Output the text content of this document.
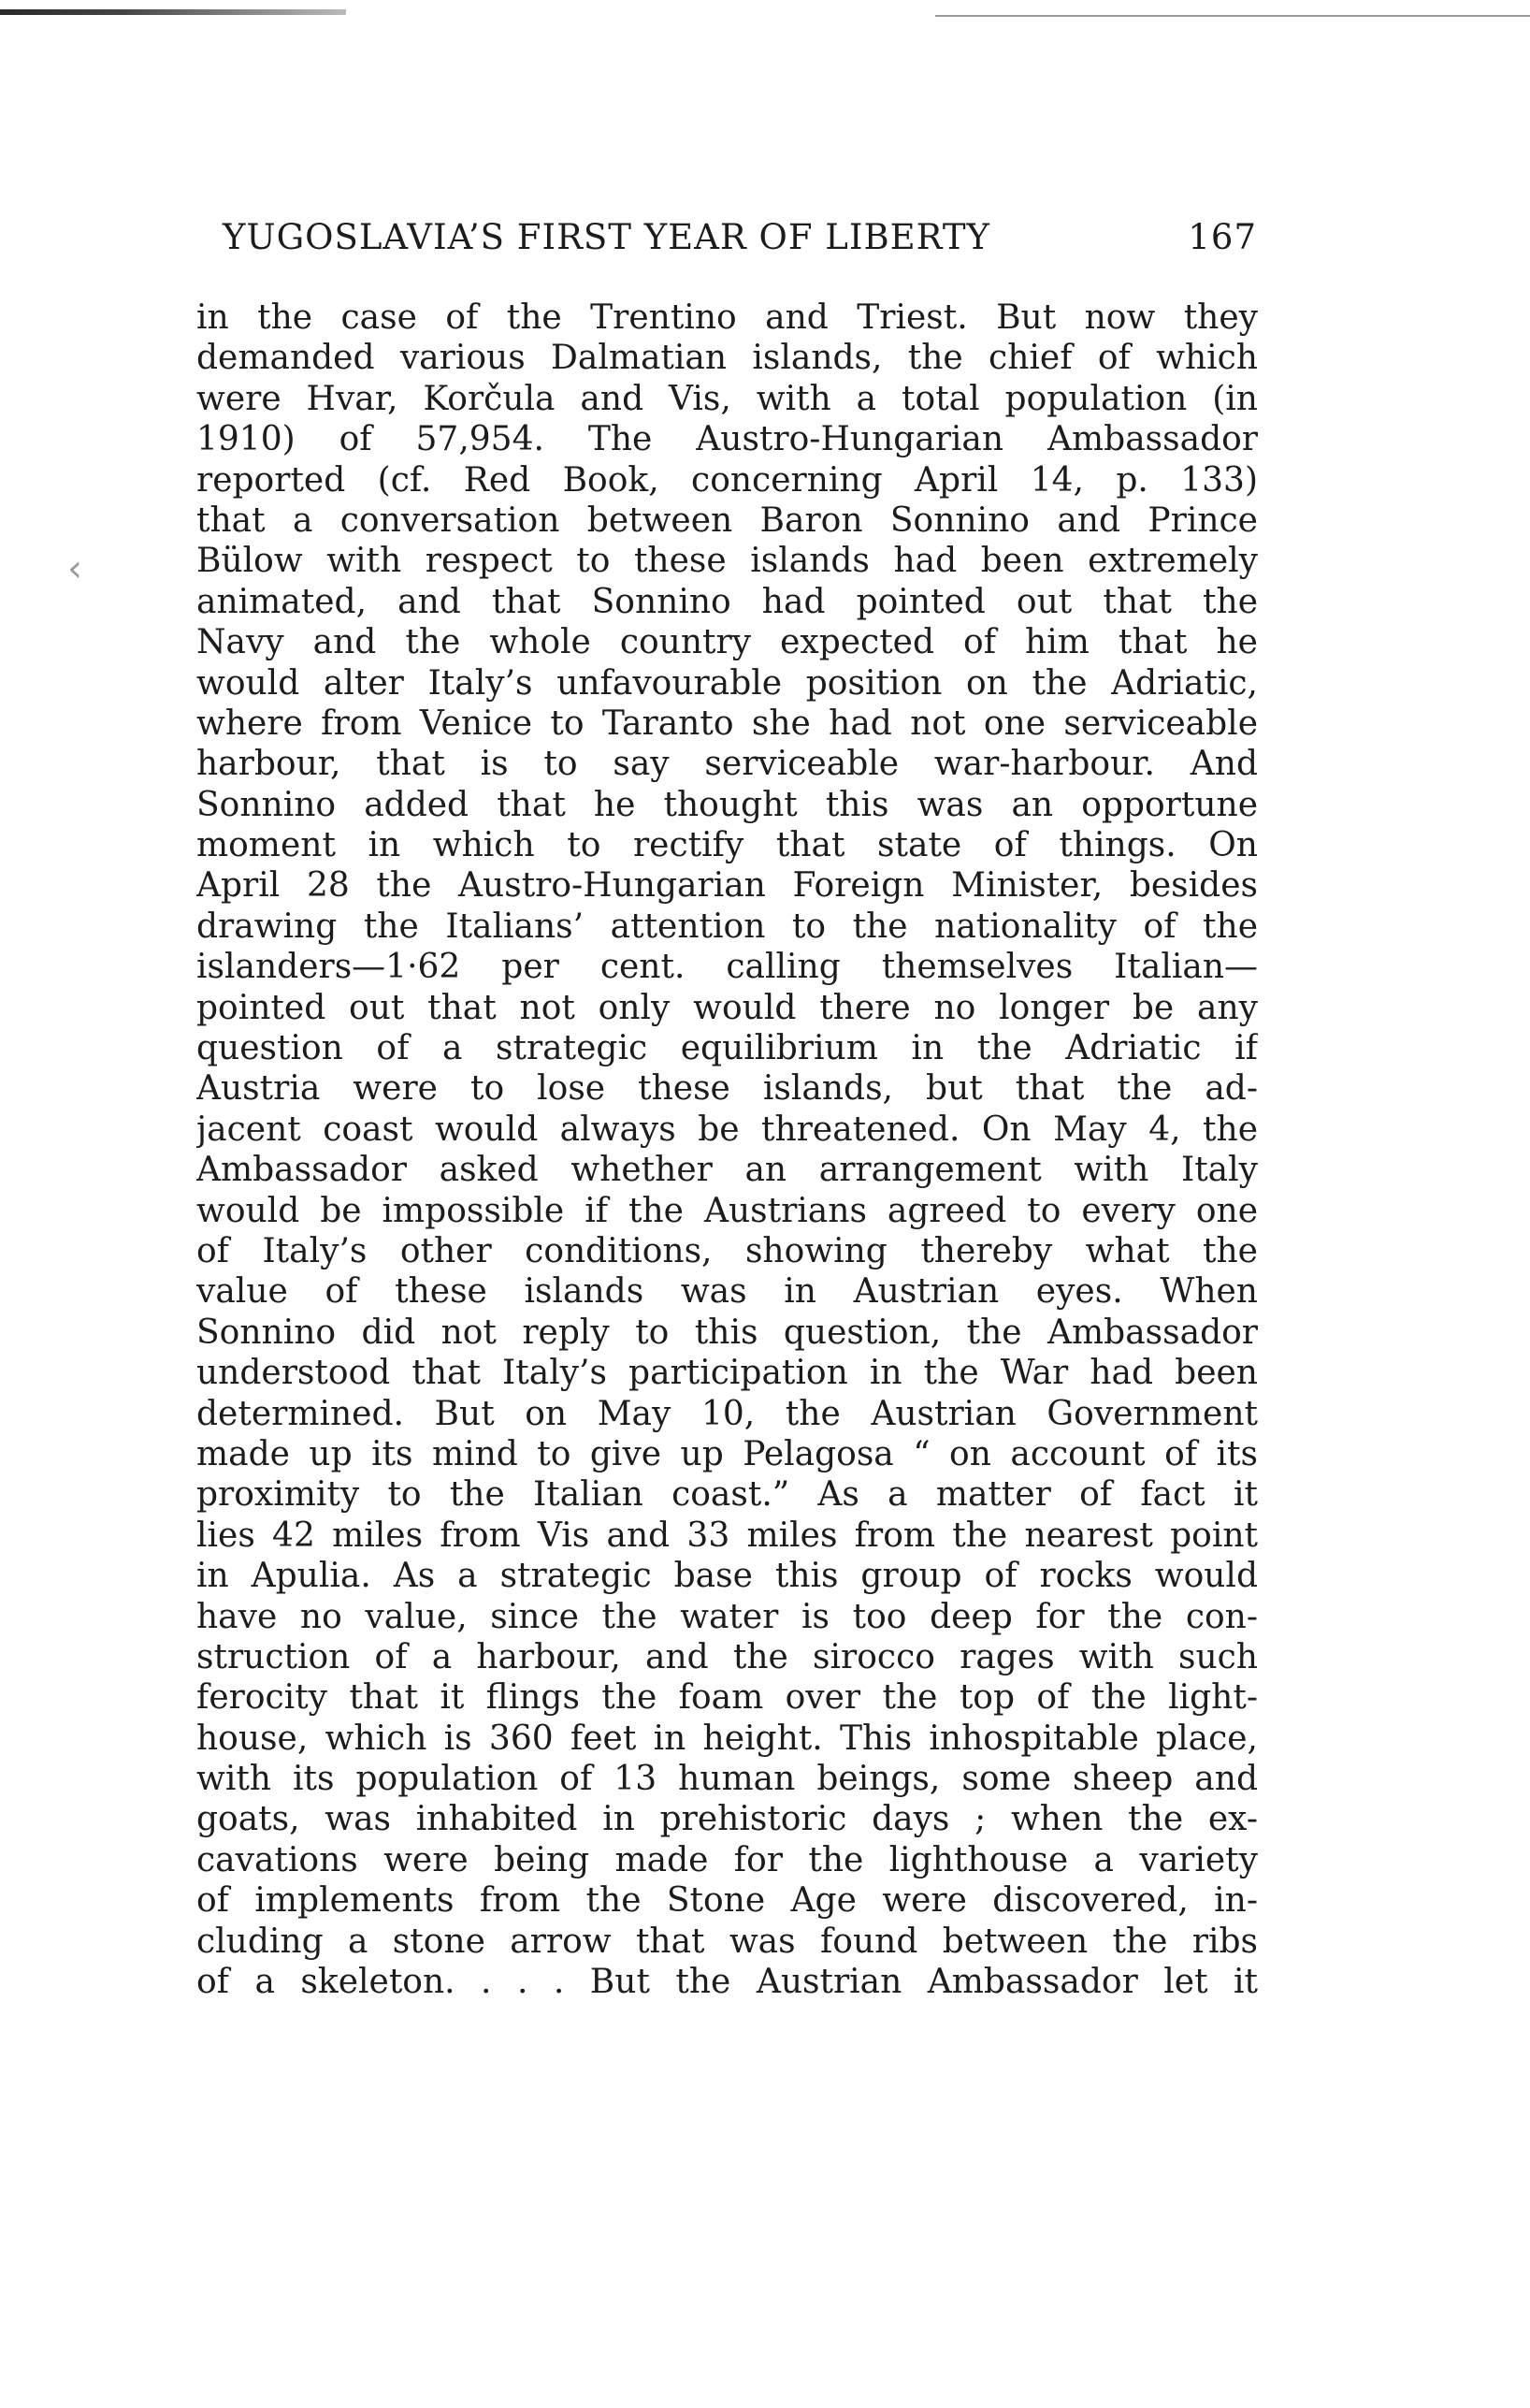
YUGOSLAVIA’S FIRST YEAR OF LIBERTY	167
‹
in the case of the Trentino and Triest. But now they
demanded various Dalmatian islands, the chief of which
were Hvar, Korčula and Vis, with a total population (in
1910) of 57,954. The Austro-Hungarian Ambassador
reported (cf. Red Book, concerning April 14, p. 133)
that a conversation between Baron Sonnino and Prince
Bülow with respect to these islands had been extremely
animated, and that Sonnino had pointed out that the
Navy and the whole country expected of him that he
would alter Italy’s unfavourable position on the Adriatic,
where from Venice to Taranto she had not one serviceable
harbour, that is to say serviceable war-harbour. And
Sonnino added that he thought this was an opportune
moment in which to rectify that state of things. On
April 28 the Austro-Hungarian Foreign Minister, besides
drawing the Italians’ attention to the nationality of the
islanders—1·62 per cent. calling themselves Italian—
pointed out that not only would there no longer be any
question of a strategic equilibrium in the Adriatic if
Austria were to lose these islands, but that the ad-
jacent coast would always be threatened. On May 4, the
Ambassador asked whether an arrangement with Italy
would be impossible if the Austrians agreed to every one
of Italy’s other conditions, showing thereby what the
value of these islands was in Austrian eyes. When
Sonnino did not reply to this question, the Ambassador
understood that Italy’s participation in the War had been
determined. But on May 10, the Austrian Government
made up its mind to give up Pelagosa “ on account of its
proximity to the Italian coast.” As a matter of fact it
lies 42 miles from Vis and 33 miles from the nearest point
in Apulia. As a strategic base this group of rocks would
have no value, since the water is too deep for the con-
struction of a harbour, and the sirocco rages with such
ferocity that it flings the foam over the top of the light-
house, which is 360 feet in height. This inhospitable place,
with its population of 13 human beings, some sheep and
goats, was inhabited in prehistoric days ; when the ex-
cavations were being made for the lighthouse a variety
of implements from the Stone Age were discovered, in-
cluding a stone arrow that was found between the ribs
of a skeleton. . . . But the Austrian Ambassador let it
